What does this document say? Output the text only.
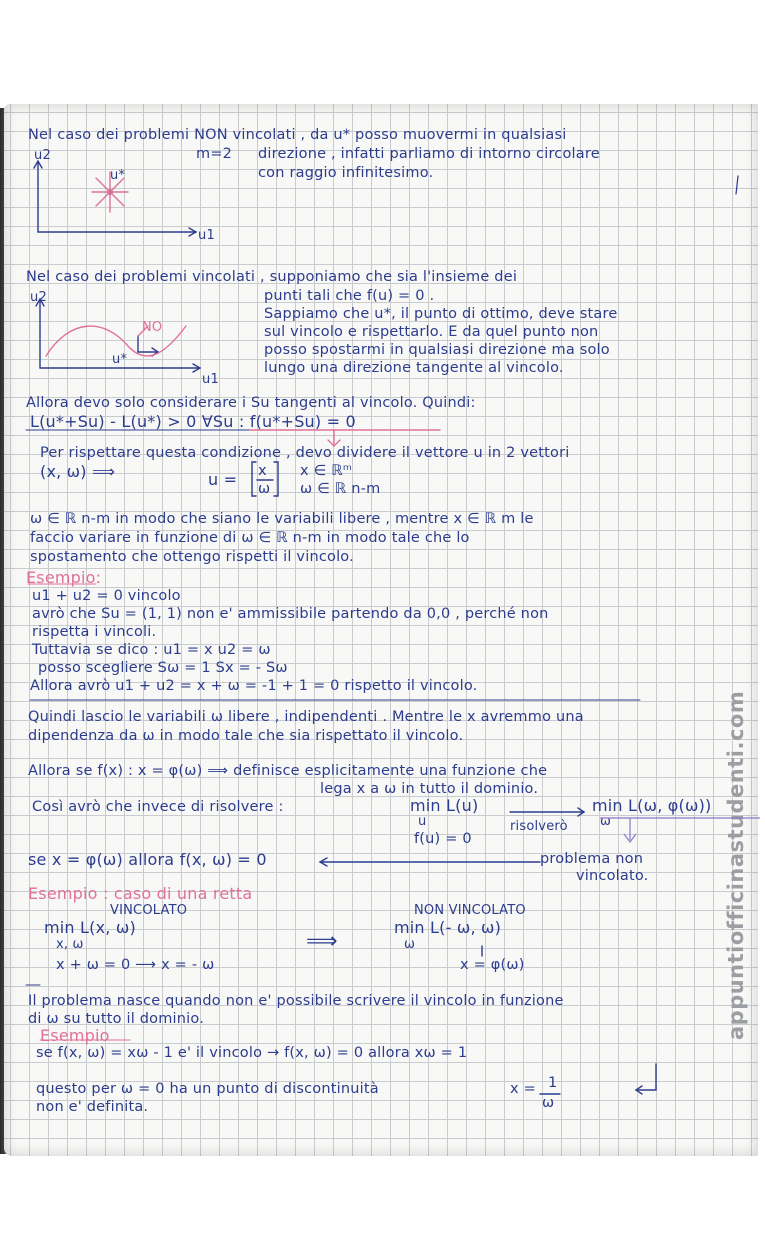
Nel caso dei problemi NON vincolati , da u* posso muovermi in qualsiasi
m=2 direzione , infatti parliamo di intorno circolare
con raggio infinitesimo.
u2
u1
u*
Nel caso dei problemi vincolati , supponiamo che sia l'insieme dei
punti tali che f(u) = 0 .
Sappiamo che u*, il punto di ottimo, deve stare
sul vincolo e rispettarlo. E da quel punto non
posso spostarmi in qualsiasi direzione ma solo
lungo una direzione tangente al vincolo.
u2
u1
u*
NO
Allora devo solo considerare i Su tangenti al vincolo. Quindi:
L(u*+Su) - L(u*) > 0 ∀Su : f(u*+Su) = 0
Per rispettare questa condizione , devo dividere il vettore u in 2 vettori
(x, ω) ⟹	u = x
ω
x ∈ ℝᵐ
ω ∈ ℝ n-m
ω ∈ ℝ n-m in modo che siano le variabili libere , mentre x ∈ ℝ m le
faccio variare in funzione di ω ∈ ℝ n-m in modo tale che lo
spostamento che ottengo rispetti il vincolo.
Esempio:
u1 + u2 = 0 vincolo
avrò che Su = (1, 1) non e' ammissibile partendo da 0,0 , perché non
rispetta i vincoli.
Tuttavia se dico : u1 = x u2 = ω
posso scegliere Sω = 1 Sx = - Sω
Allora avrò u1 + u2 = x + ω = -1 + 1 = 0 rispetto il vincolo.
Quindi lascio le variabili ω libere , indipendenti . Mentre le x avremmo una
dipendenza da ω in modo tale che sia rispettato il vincolo.
Allora se f(x) : x = φ(ω) ⟹ definisce esplicitamente una funzione che
lega x a ω in tutto il dominio.
Così avrò che invece di risolvere :	min L(u)
u
f(u) = 0
risolverò
min L(ω, φ(ω))
ω
se x = φ(ω) allora f(x, ω) = 0	problema non
vincolato.
Esempio : caso di una retta
VINCOLATO	NON VINCOLATO
min L(x, ω)
x, ω
x + ω = 0 ⟶ x = - ω
⟹
min L(- ω, ω)
ω
x = φ(ω)
Il problema nasce quando non e' possibile scrivere il vincolo in funzione
di ω su tutto il dominio.
Esempio
se f(x, ω) = xω - 1 e' il vincolo → f(x, ω) = 0 allora xω = 1
questo per ω = 0 ha un punto di discontinuità	x = 1
ω
non e' definita.
appuntiofficinastudenti.com
